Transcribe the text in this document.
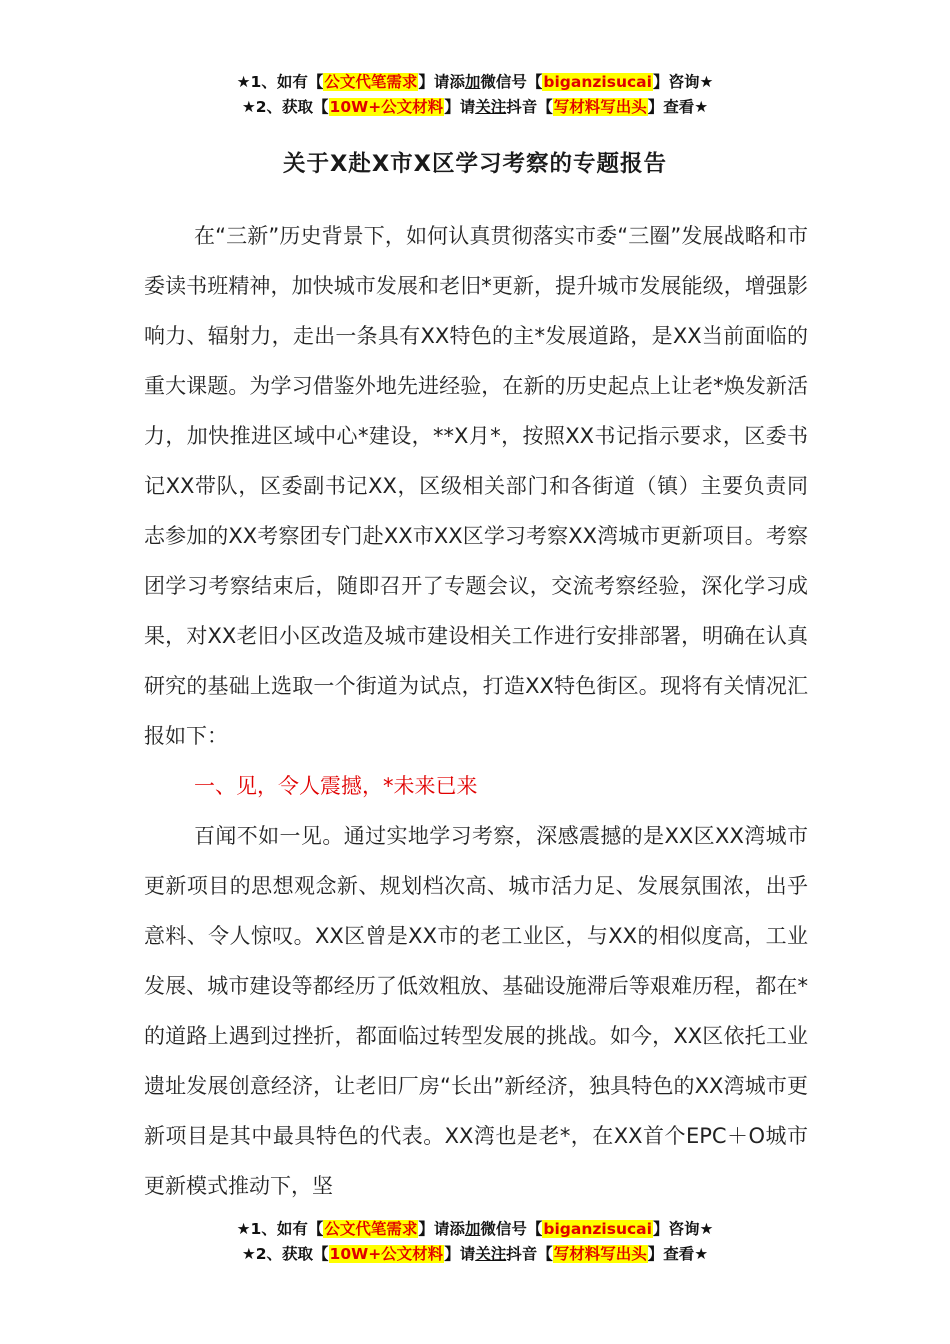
★1、如有【公文代笔需求】请添加微信号【biganzisucai】咨询★
★2、获取【10W+公文材料】请关注抖音【写材料写出头】查看★
关于X赴X市X区学习考察的专题报告

在“三新”历史背景下，如何认真贯彻落实市委“三圈”发展战略和市委读书班精神，加快城市发展和老旧*更新，提升城市发展能级，增强影响力、辐射力，走出一条具有XX特色的主*发展道路，是XX当前面临的重大课题。为学习借鉴外地先进经验，在新的历史起点上让老*焕发新活力，加快推进区域中心*建设，**X月*，按照XX书记指示要求，区委书记XX带队，区委副书记XX，区级相关部门和各街道（镇）主要负责同志参加的XX考察团专门赴XX市XX区学习考察XX湾城市更新项目。考察团学习考察结束后，随即召开了专题会议，交流考察经验，深化学习成果，对XX老旧小区改造及城市建设相关工作进行安排部署，明确在认真研究的基础上选取一个街道为试点，打造XX特色街区。现将有关情况汇报如下：

一、见，令人震撼，*未来已来

百闻不如一见。通过实地学习考察，深感震撼的是XX区XX湾城市更新项目的思想观念新、规划档次高、城市活力足、发展氛围浓，出乎意料、令人惊叹。XX区曾是XX市的老工业区，与XX的相似度高，工业发展、城市建设等都经历了低效粗放、基础设施滞后等艰难历程，都在*的道路上遇到过挫折，都面临过转型发展的挑战。如今，XX区依托工业遗址发展创意经济，让老旧厂房“长出”新经济，独具特色的XX湾城市更新项目是其中最具特色的代表。XX湾也是老*，在XX首个EPC＋O城市更新模式推动下，坚

★1、如有【公文代笔需求】请添加微信号【biganzisucai】咨询★
★2、获取【10W+公文材料】请关注抖音【写材料写出头】查看★
